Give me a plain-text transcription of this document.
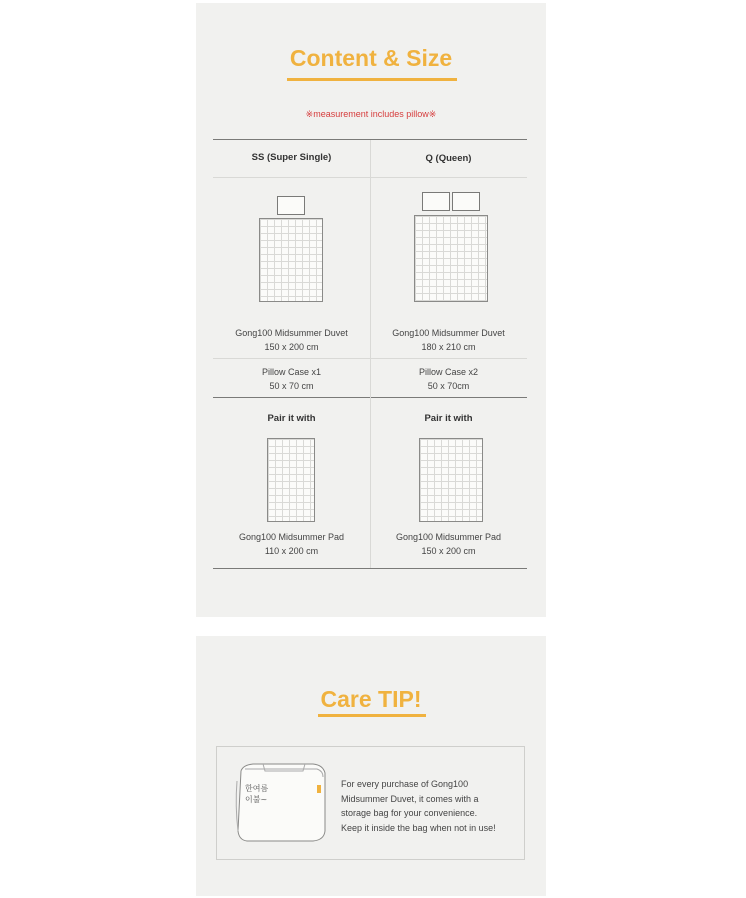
Content & Size
※measurement includes pillow※
SS (Super Single)	Q (Queen)
Gong100 Midsummer Duvet
150 x 200 cm
Gong100 Midsummer Duvet
180 x 210 cm
Pillow Case x1
50 x 70 cm
Pillow Case x2
50 x 70cm
Pair it with	Pair it with
Gong100 Midsummer Pad
110 x 200 cm
Gong100 Midsummer Pad
150 x 200 cm
Care TIP!
한여름
이불~
For every purchase of Gong100
Midsummer Duvet, it comes with a
storage bag for your convenience.
Keep it inside the bag when not in use!
